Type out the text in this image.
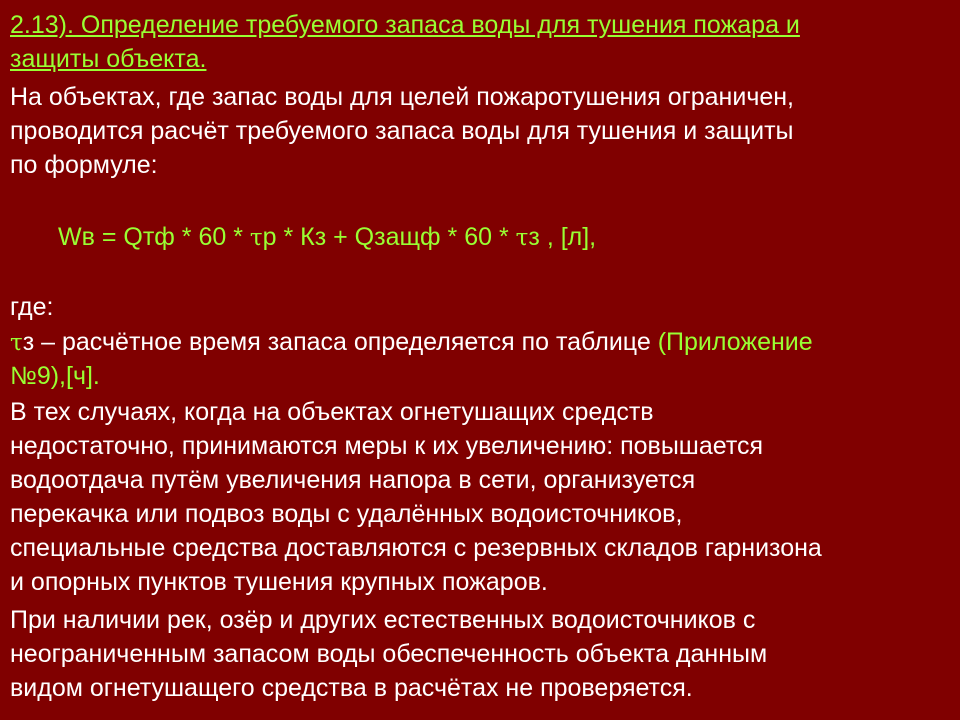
2.13). Определение требуемого запаса воды для тушения пожара и
защиты объекта.
На объектах, где запас воды для целей пожаротушения ограничен,
проводится расчёт требуемого запаса воды для тушения и защиты
по формуле:
Wв = Qтф * 60 * τр * Кз + Qзащф * 60 * τз , [л],
где:
τз – расчётное время запаса определяется по таблице (Приложение
№9),[ч].
В тех случаях, когда на объектах огнетушащих средств
недостаточно, принимаются меры к их увеличению: повышается
водоотдача путём увеличения напора в сети, организуется
перекачка или подвоз воды с удалённых водоисточников,
специальные средства доставляются с резервных складов гарнизона
и опорных пунктов тушения крупных пожаров.
При наличии рек, озёр и других естественных водоисточников с
неограниченным запасом воды обеспеченность объекта данным
видом огнетушащего средства в расчётах не проверяется.
